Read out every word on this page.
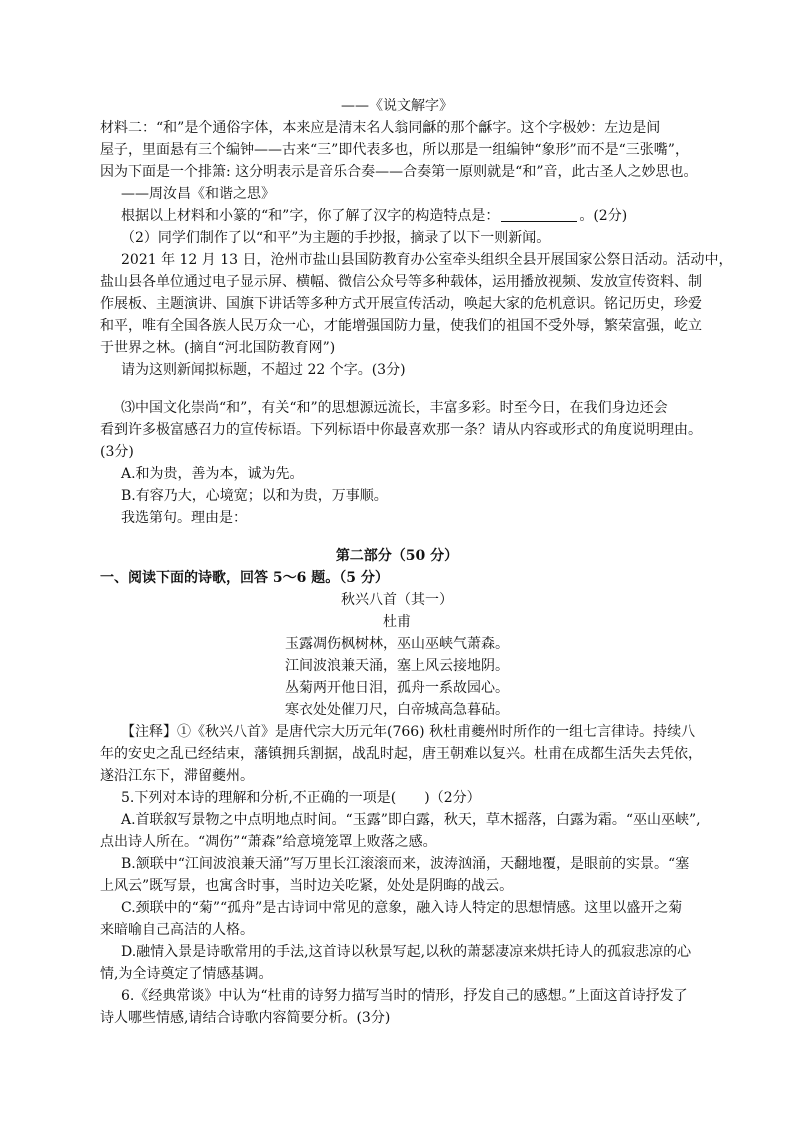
——《说文解字》
材料二：“和”是个通俗字体，本来应是清末名人翁同龢的那个龢字。这个字极妙：左边是间
屋子，里面悬有三个编钟——古来“三”即代表多也，所以那是一组编钟“象形”而不是“三张嘴”，
因为下面是一个排箫: 这分明表示是音乐合奏——合奏第一原则就是“和”音，此古圣人之妙思也。
——周汝昌《和谐之思》
根据以上材料和小篆的“和”字，你了解了汉字的构造特点是：	。(2分)
（2）同学们制作了以“和平”为主题的手抄报，摘录了以下一则新闻。
2021 年 12 月 13 日，沧州市盐山县国防教育办公室牵头组织全县开展国家公祭日活动。活动中，
盐山县各单位通过电子显示屏、横幅、微信公众号等多种载体，运用播放视频、发放宣传资料、制
作展板、主题演讲、国旗下讲话等多种方式开展宣传活动，唤起大家的危机意识。铭记历史，珍爱
和平，唯有全国各族人民万众一心，才能增强国防力量，使我们的祖国不受外辱，繁荣富强，屹立
于世界之林。(摘自“河北国防教育网”)
请为这则新闻拟标题，不超过 22 个字。(3分)
⑶中国文化崇尚“和”，有关“和”的思想源远流长，丰富多彩。时至今日，在我们身边还会
看到许多极富感召力的宣传标语。下列标语中你最喜欢那一条？请从内容或形式的角度说明理由。
(3分)
A.和为贵，善为本，诚为先。
B.有容乃大，心境宽；以和为贵，万事顺。
我选第句。理由是：
第二部分（50 分）
一、阅读下面的诗歌，回答 5～6 题。（5 分）
秋兴八首（其一）
杜甫
玉露凋伤枫树林，巫山巫峡气萧森。
江间波浪兼天涌，塞上风云接地阴。
丛菊两开他日泪，孤舟一系故园心。
寒衣处处催刀尺，白帝城高急暮砧。
【注释】①《秋兴八首》是唐代宗大历元年(766) 秋杜甫夔州时所作的一组七言律诗。持续八
年的安史之乱已经结束，藩镇拥兵割据，战乱时起，唐王朝难以复兴。杜甫在成都生活失去凭依，
遂沿江东下，滞留夔州。
5.下列对本诗的理解和分析,不正确的一项是(　　)（2分）
A.首联叙写景物之中点明地点时间。“玉露”即白露，秋天，草木摇落，白露为霜。“巫山巫峡”,
点出诗人所在。“凋伤”“萧森”给意境笼罩上败落之感。
B.颔联中“江间波浪兼天涌”写万里长江滚滚而来，波涛汹涌，天翻地覆，是眼前的实景。“塞
上风云”既写景，也寓含时事，当时边关吃紧，处处是阴晦的战云。
C.颈联中的“菊”“孤舟”是古诗词中常见的意象，融入诗人特定的思想情感。这里以盛开之菊
来暗喻自己高洁的人格。
D.融情入景是诗歌常用的手法,这首诗以秋景写起,以秋的萧瑟凄凉来烘托诗人的孤寂悲凉的心
情,为全诗奠定了情感基调。
6.《经典常谈》中认为“杜甫的诗努力描写当时的情形，抒发自己的感想。”上面这首诗抒发了
诗人哪些情感,请结合诗歌内容简要分析。(3分)
